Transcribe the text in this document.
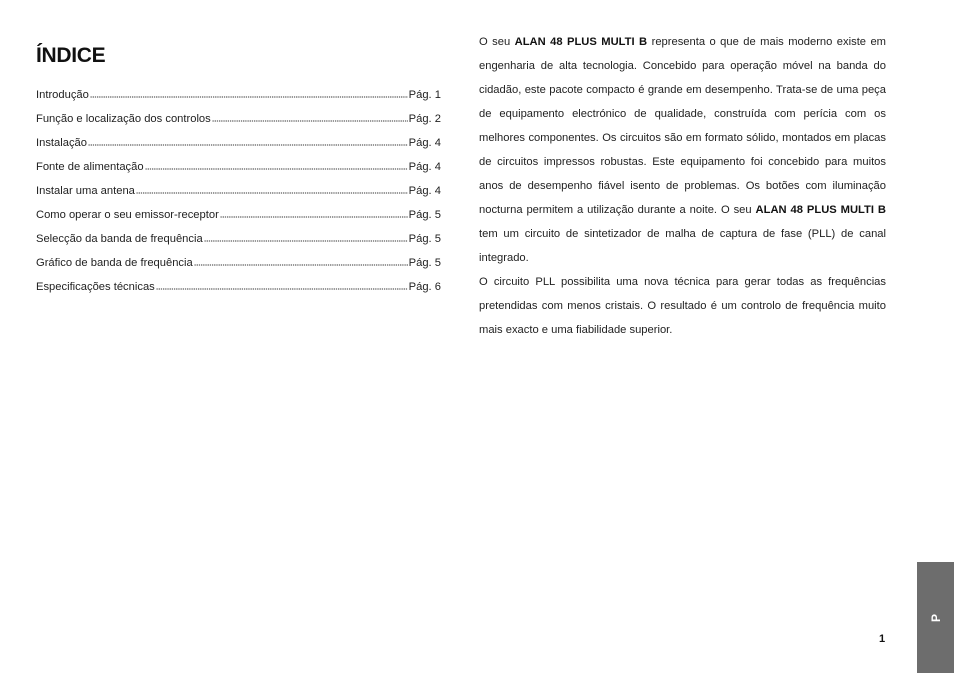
ÍNDICE
Introdução	Pág. 1
Função e localização dos controlos	Pág. 2
Instalação	Pág. 4
Fonte de alimentação	Pág. 4
Instalar uma antena	Pág. 4
Como operar o seu emissor-receptor	Pág. 5
Selecção da banda de frequência	Pág. 5
Gráfico de banda de frequência	Pág. 5
Especificações técnicas	Pág. 6

O seu ALAN 48 PLUS MULTI B representa o que de mais moderno existe em engenharia de alta tecnologia. Concebido para operação móvel na banda do cidadão, este pacote compacto é grande em desempenho. Trata-se de uma peça de equipamento electrónico de qualidade, construída com perícia com os melhores componentes. Os circuitos são em formato sólido, montados em placas de circuitos impressos robustas. Este equipamento foi concebido para muitos anos de desempenho fiável isento de problemas. Os botões com iluminação nocturna permitem a utilização durante a noite. O seu ALAN 48 PLUS MULTI B tem um circuito de sintetizador de malha de captura de fase (PLL) de canal integrado.

O circuito PLL possibilita uma nova técnica para gerar todas as frequências pretendidas com menos cristais. O resultado é um controlo de frequência muito mais exacto e uma fiabilidade superior.

1
P
